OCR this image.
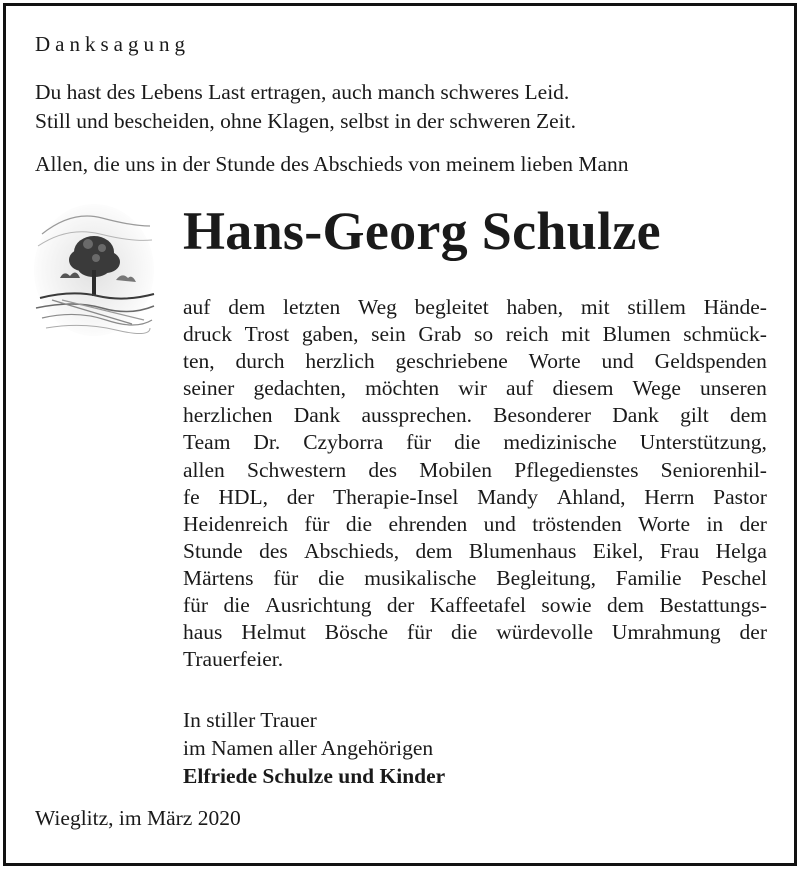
Danksagung
Du hast des Lebens Last ertragen, auch manch schweres Leid.
Still und bescheiden, ohne Klagen, selbst in der schweren Zeit.
Allen, die uns in der Stunde des Abschieds von meinem lieben Mann
Hans-Georg Schulze
auf dem letzten Weg begleitet haben, mit stillem Hände-
druck Trost gaben, sein Grab so reich mit Blumen schmück-
ten, durch herzlich geschriebene Worte und Geldspenden
seiner gedachten, möchten wir auf diesem Wege unseren
herzlichen Dank aussprechen. Besonderer Dank gilt dem
Team Dr. Czyborra für die medizinische Unterstützung,
allen Schwestern des Mobilen Pflegedienstes Seniorenhil-
fe HDL, der Therapie-Insel Mandy Ahland, Herrn Pastor
Heidenreich für die ehrenden und tröstenden Worte in der
Stunde des Abschieds, dem Blumenhaus Eikel, Frau Helga
Märtens für die musikalische Begleitung, Familie Peschel
für die Ausrichtung der Kaffeetafel sowie dem Bestattungs-
haus Helmut Bösche für die würdevolle Umrahmung der
Trauerfeier.
In stiller Trauer
im Namen aller Angehörigen
Elfriede Schulze und Kinder
Wieglitz, im März 2020
